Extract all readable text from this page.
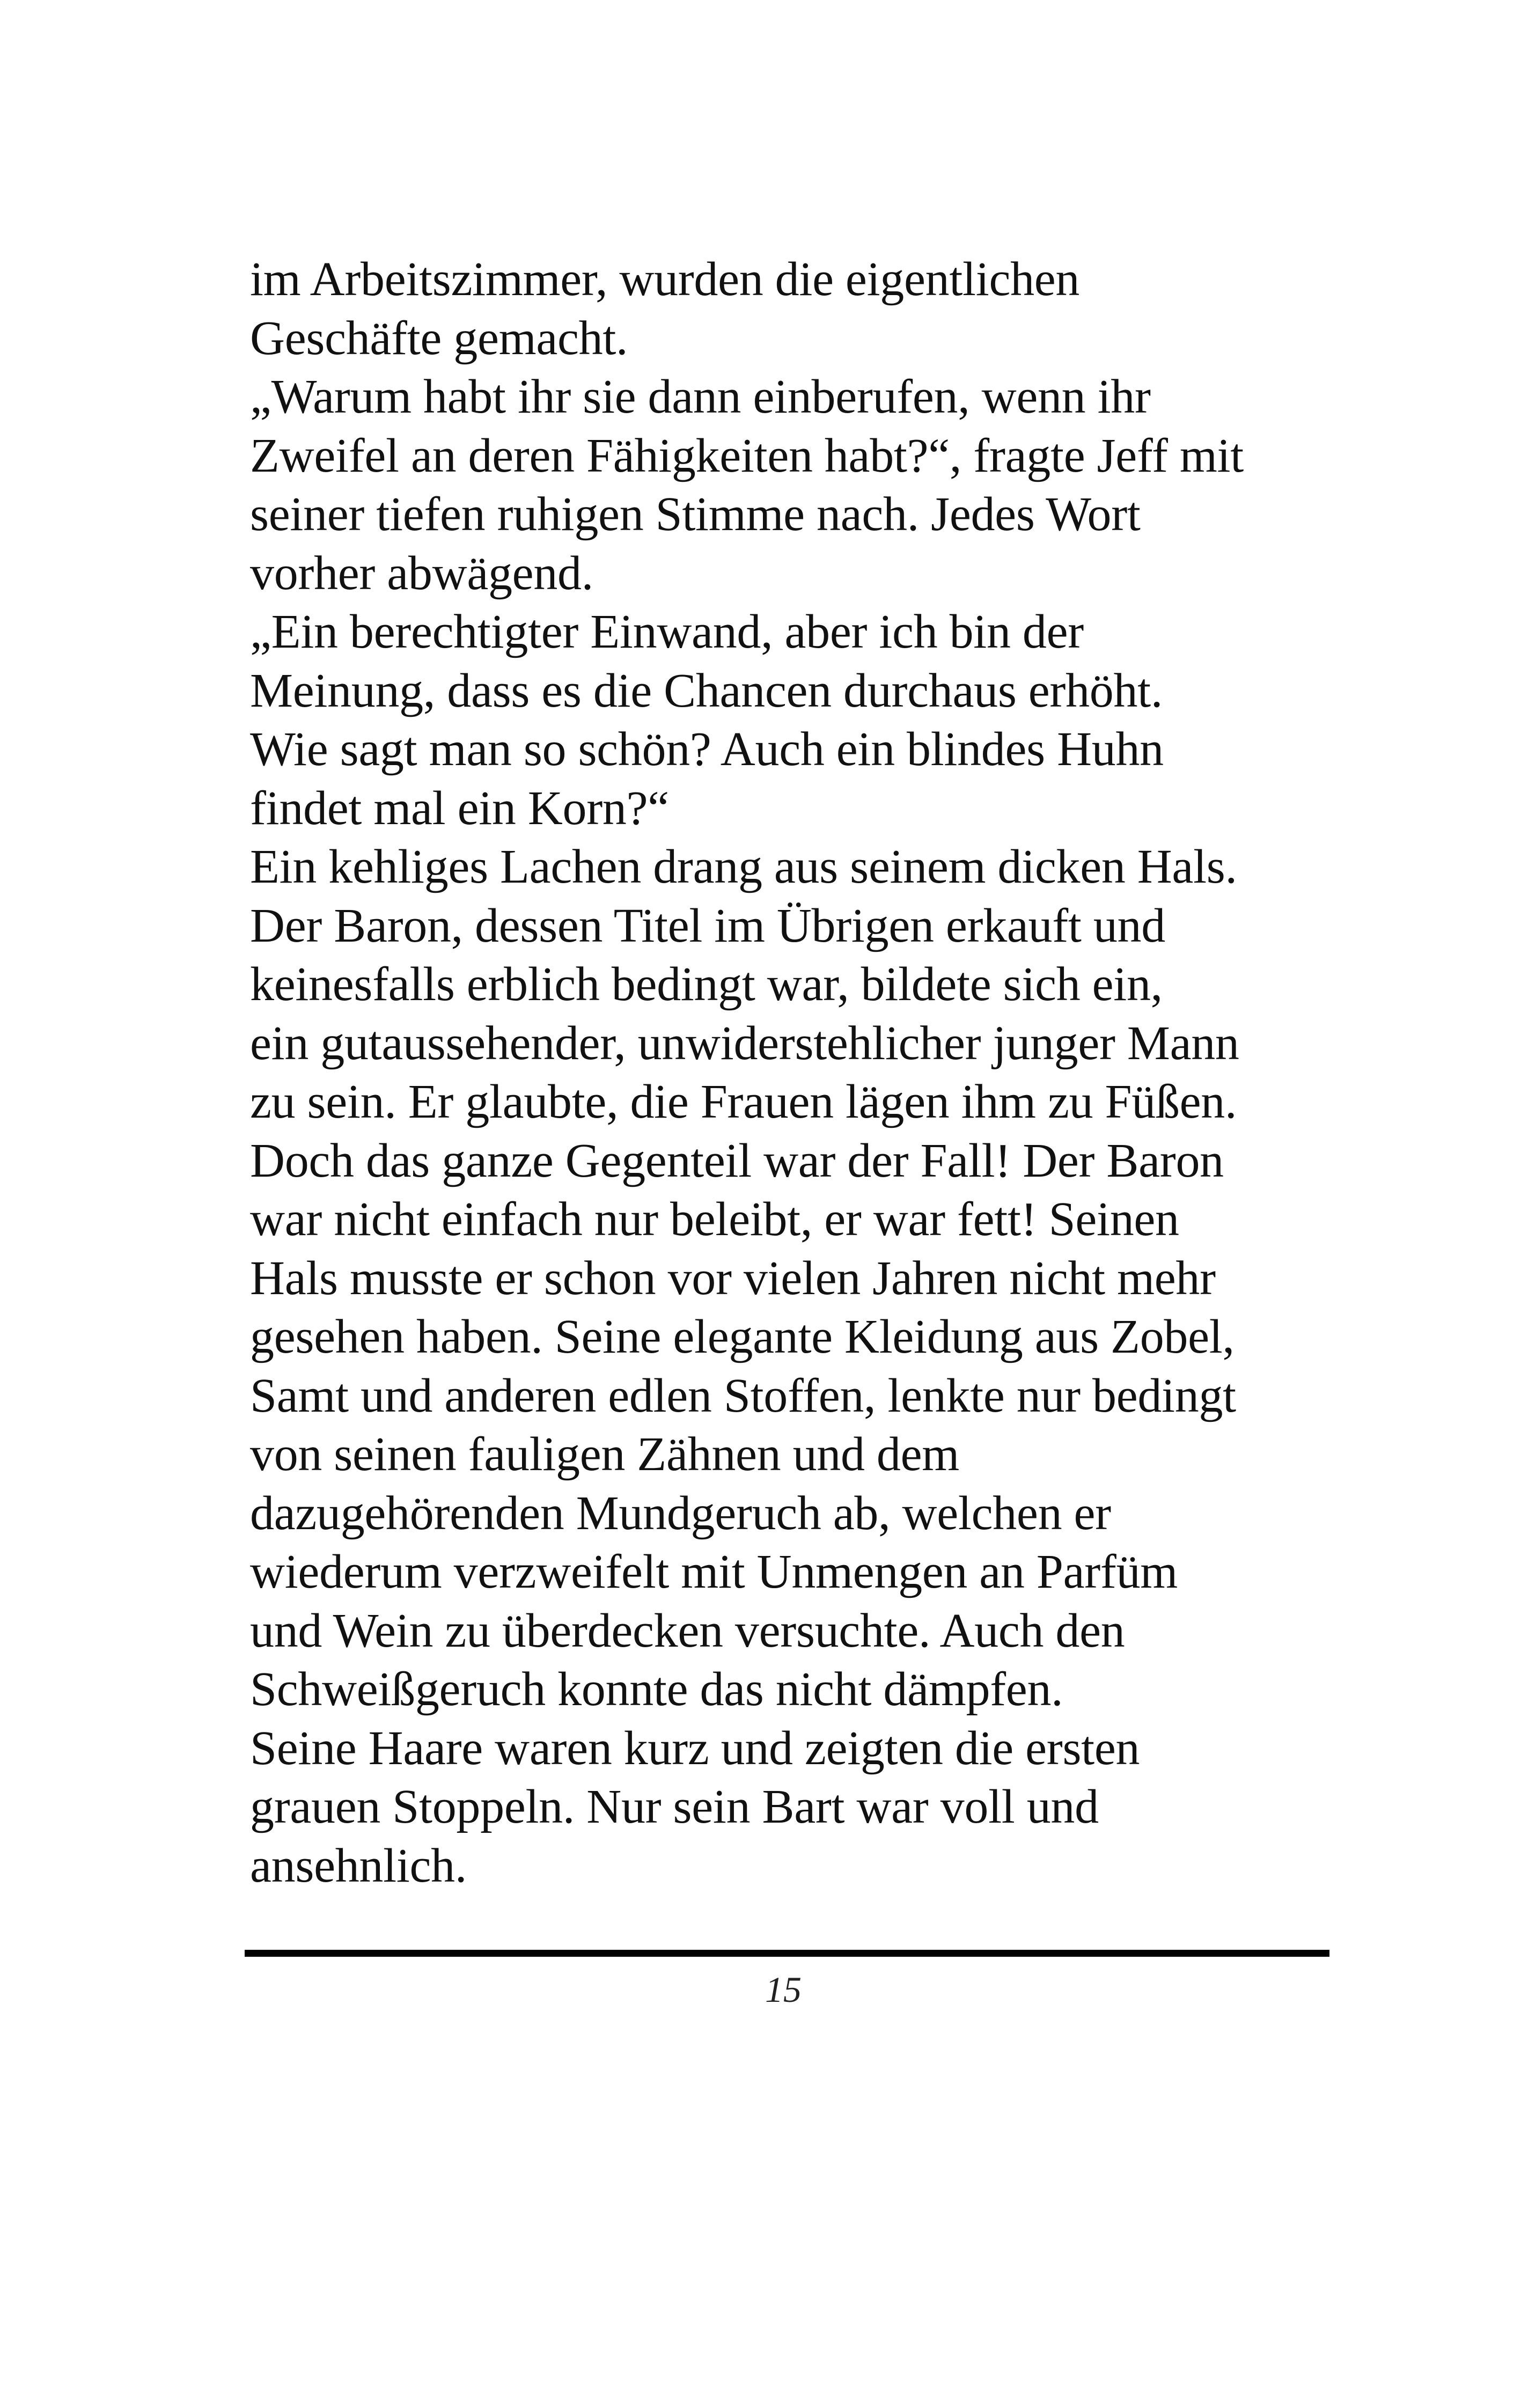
im Arbeitszimmer, wurden die eigentlichen
Geschäfte gemacht.
„Warum habt ihr sie dann einberufen, wenn ihr
Zweifel an deren Fähigkeiten habt?“, fragte Jeff mit
seiner tiefen ruhigen Stimme nach. Jedes Wort
vorher abwägend.
„Ein berechtigter Einwand, aber ich bin der
Meinung, dass es die Chancen durchaus erhöht.
Wie sagt man so schön? Auch ein blindes Huhn
findet mal ein Korn?“
Ein kehliges Lachen drang aus seinem dicken Hals.
Der Baron, dessen Titel im Übrigen erkauft und
keinesfalls erblich bedingt war, bildete sich ein,
ein gutaussehender, unwiderstehlicher junger Mann
zu sein. Er glaubte, die Frauen lägen ihm zu Füßen.
Doch das ganze Gegenteil war der Fall! Der Baron
war nicht einfach nur beleibt, er war fett! Seinen
Hals musste er schon vor vielen Jahren nicht mehr
gesehen haben. Seine elegante Kleidung aus Zobel,
Samt und anderen edlen Stoffen, lenkte nur bedingt
von seinen fauligen Zähnen und dem
dazugehörenden Mundgeruch ab, welchen er
wiederum verzweifelt mit Unmengen an Parfüm
und Wein zu überdecken versuchte. Auch den
Schweißgeruch konnte das nicht dämpfen.
Seine Haare waren kurz und zeigten die ersten
grauen Stoppeln. Nur sein Bart war voll und
ansehnlich.
15
